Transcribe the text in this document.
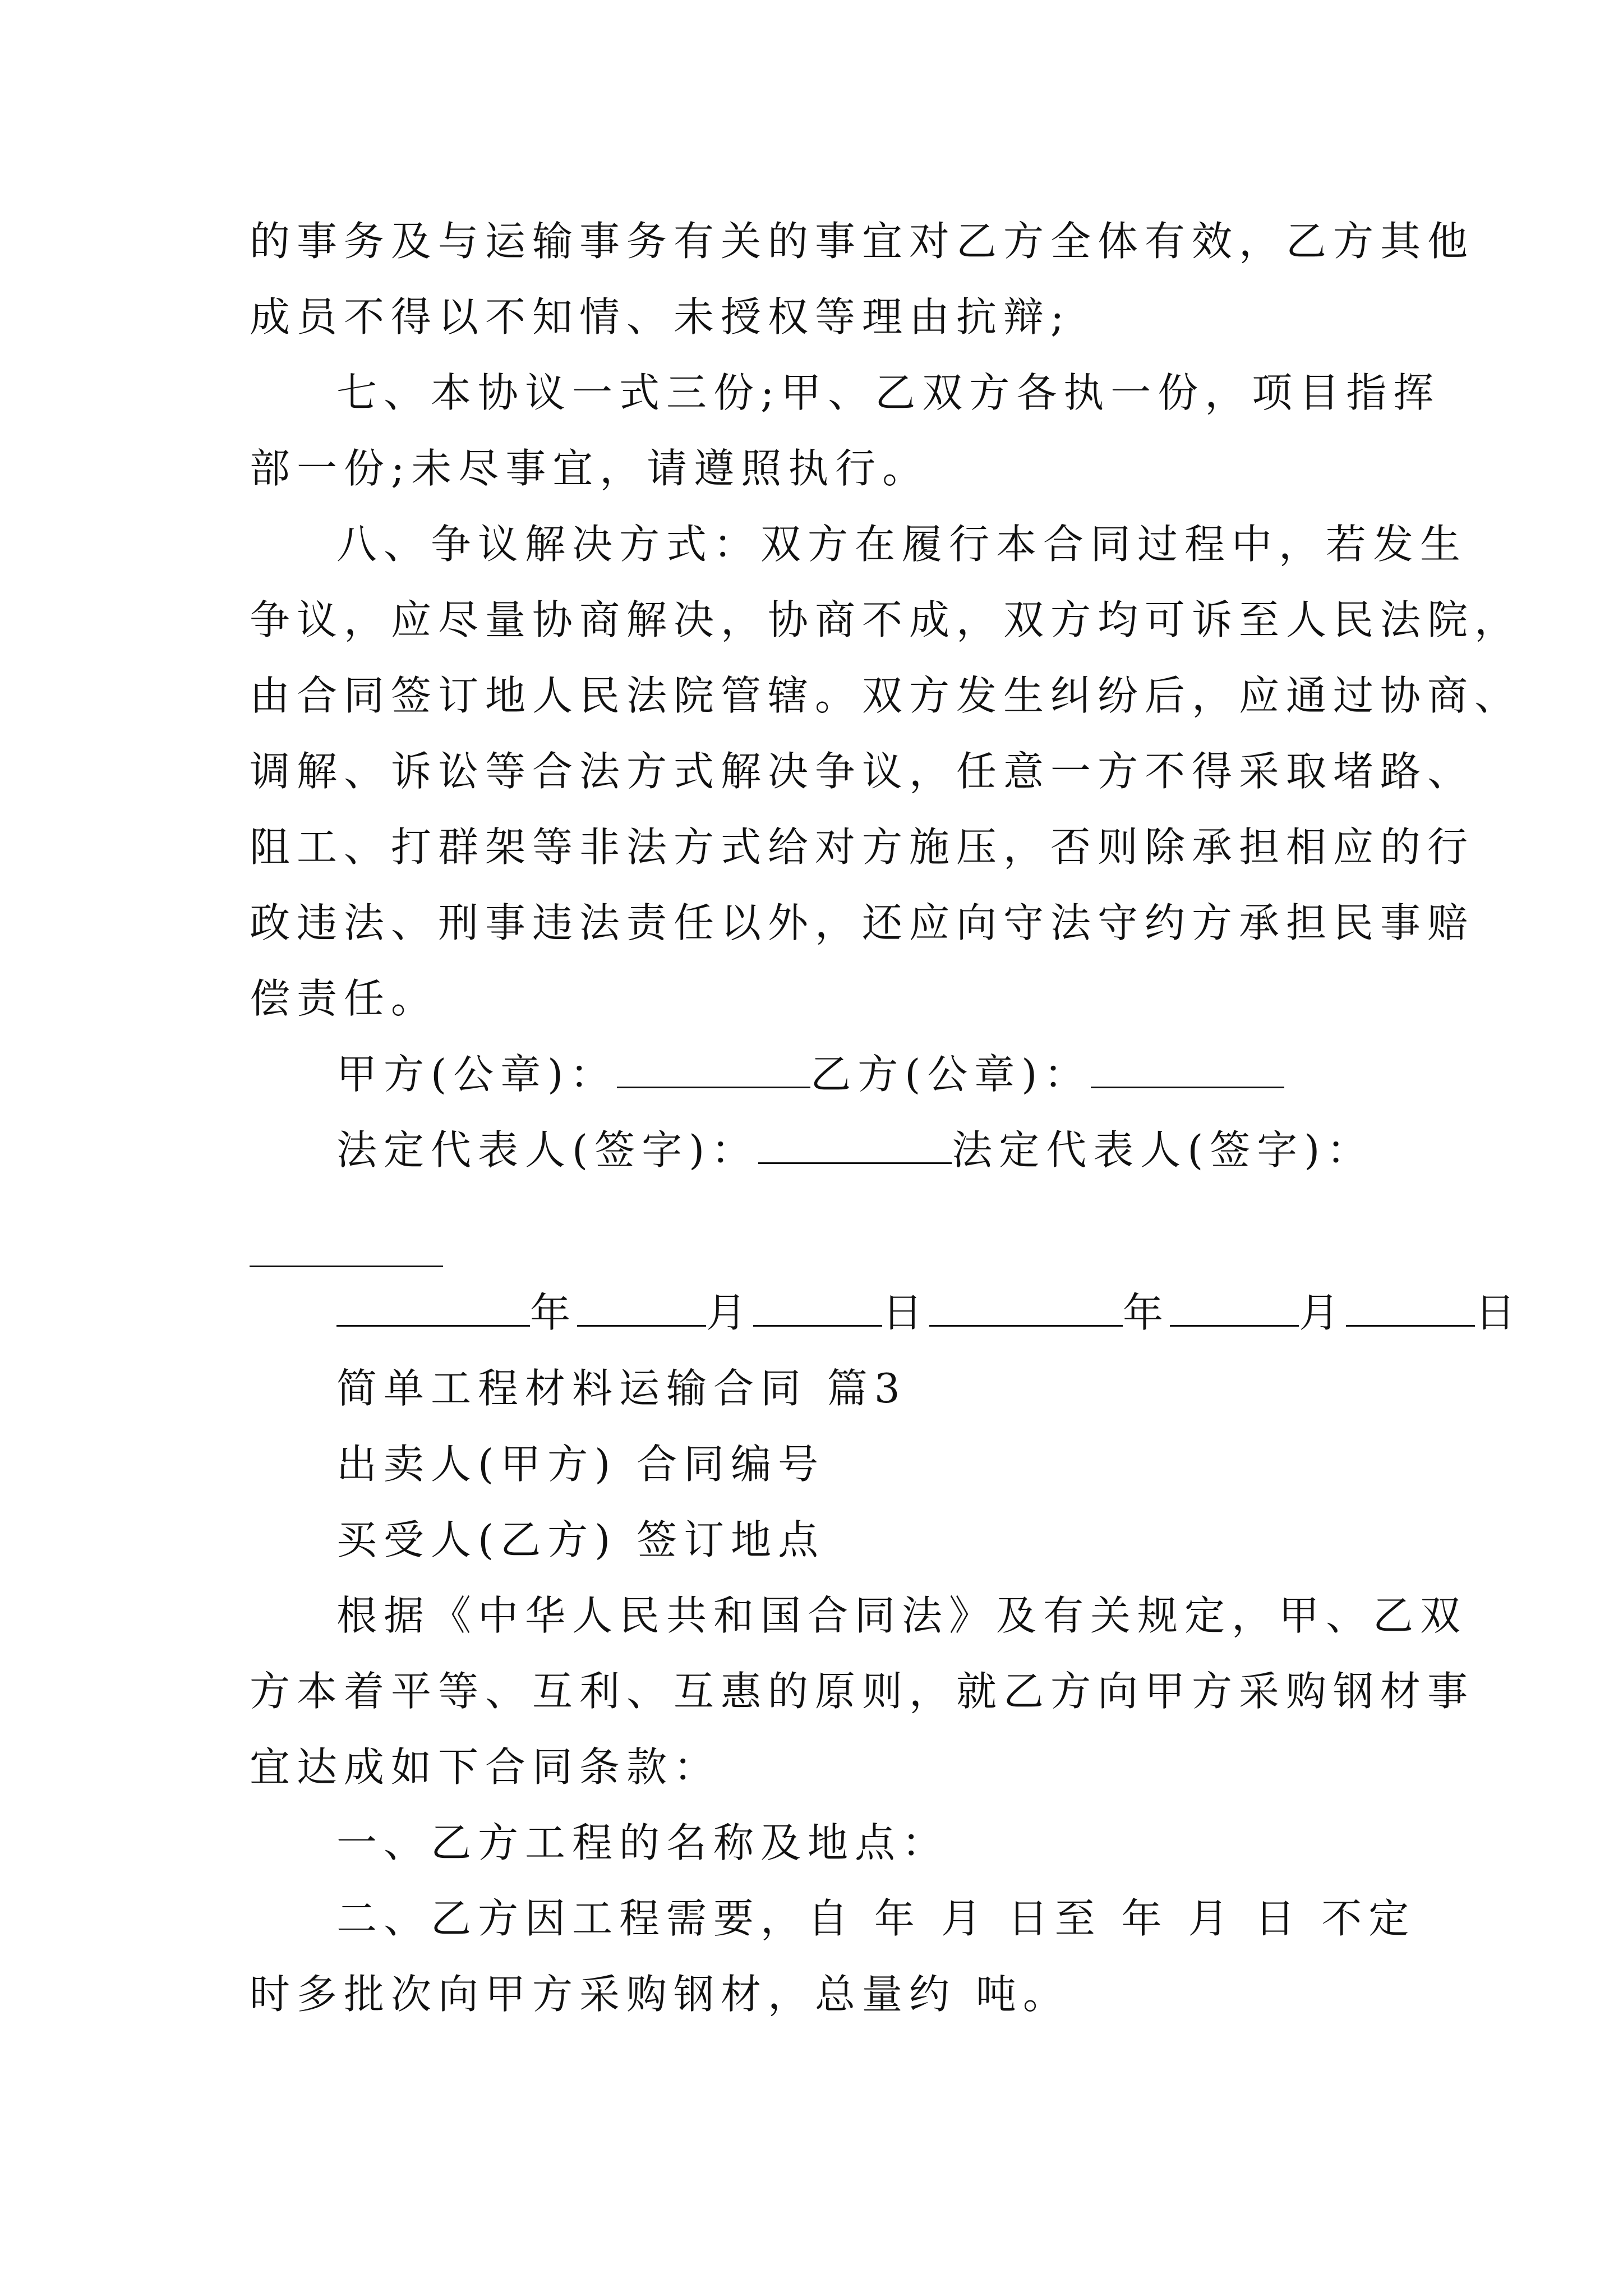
的事务及与运输事务有关的事宜对乙方全体有效，乙方其他
成员不得以不知情、未授权等理由抗辩;
七、本协议一式三份;甲、乙双方各执一份，项目指挥
部一份;未尽事宜，请遵照执行。
八、争议解决方式：双方在履行本合同过程中，若发生
争议，应尽量协商解决，协商不成，双方均可诉至人民法院，
由合同签订地人民法院管辖。双方发生纠纷后，应通过协商、
调解、诉讼等合法方式解决争议，任意一方不得采取堵路、
阻工、打群架等非法方式给对方施压，否则除承担相应的行
政违法、刑事违法责任以外，还应向守法守约方承担民事赔
偿责任。
甲方(公章)：	乙方(公章)：
法定代表人(签字)：	法定代表人(签字)：
年	月	日	年	月	日
简单工程材料运输合同 篇3
出卖人(甲方) 合同编号
买受人(乙方) 签订地点
根据《中华人民共和国合同法》及有关规定，甲、乙双
方本着平等、互利、互惠的原则，就乙方向甲方采购钢材事
宜达成如下合同条款：
一、乙方工程的名称及地点：
二、乙方因工程需要，自 年 月 日至 年 月 日 不定
时多批次向甲方采购钢材，总量约 吨。
